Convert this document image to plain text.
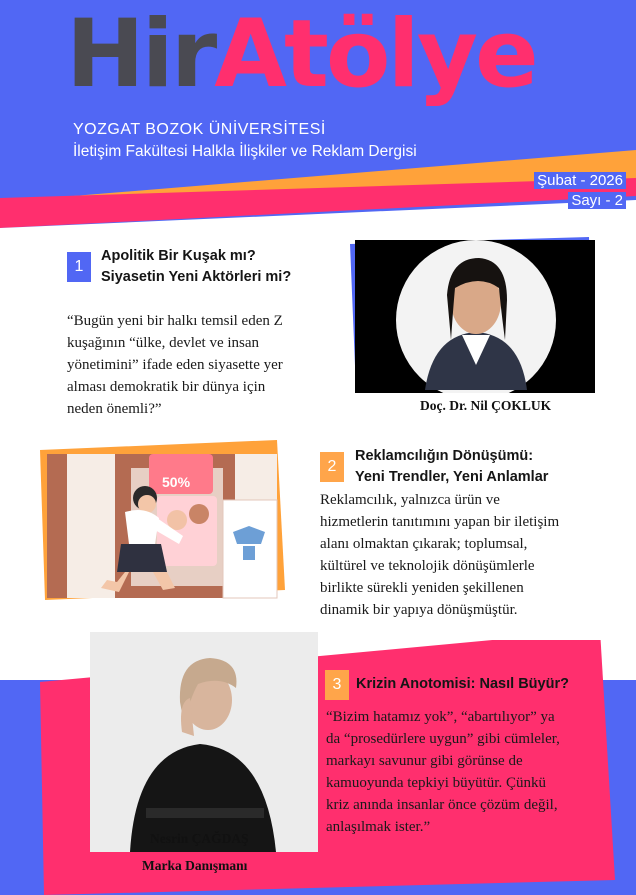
HirAtölye
YOZGAT BOZOK ÜNİVERSİTESİ
İletişim Fakültesi Halkla İlişkiler ve Reklam Dergisi
Şubat - 2026
Sayı - 2
1
Apolitik Bir Kuşak mı?
Siyasetin Yeni Aktörleri mi?
“Bugün yeni bir halkı temsil eden Z
kuşağının “ülke, devlet ve insan
yönetimini” ifade eden siyasette yer
alması demokratik bir dünya için
neden önemli?”	Doç. Dr. Nil ÇOKLUK
50%
2
Reklamcılığın Dönüşümü:
Yeni Trendler, Yeni Anlamlar
Reklamcılık, yalnızca ürün ve
hizmetlerin tanıtımını yapan bir iletişim
alanı olmaktan çıkarak; toplumsal,
kültürel ve teknolojik dönüşümlerle
birlikte sürekli yeniden şekillenen
dinamik bir yapıya dönüşmüştür.
3 Krizin Anotomisi: Nasıl Büyür?
“Bizim hatamız yok”, “abartılıyor” ya
da “prosedürlere uygun” gibi cümleler,
markayı savunur gibi görünse de
kamuoyunda tepkiyi büyütür. Çünkü
kriz anında insanlar önce çözüm değil,
anlaşılmak ister.”
Nesrin ÇAĞDAŞ
Marka Danışmanı
